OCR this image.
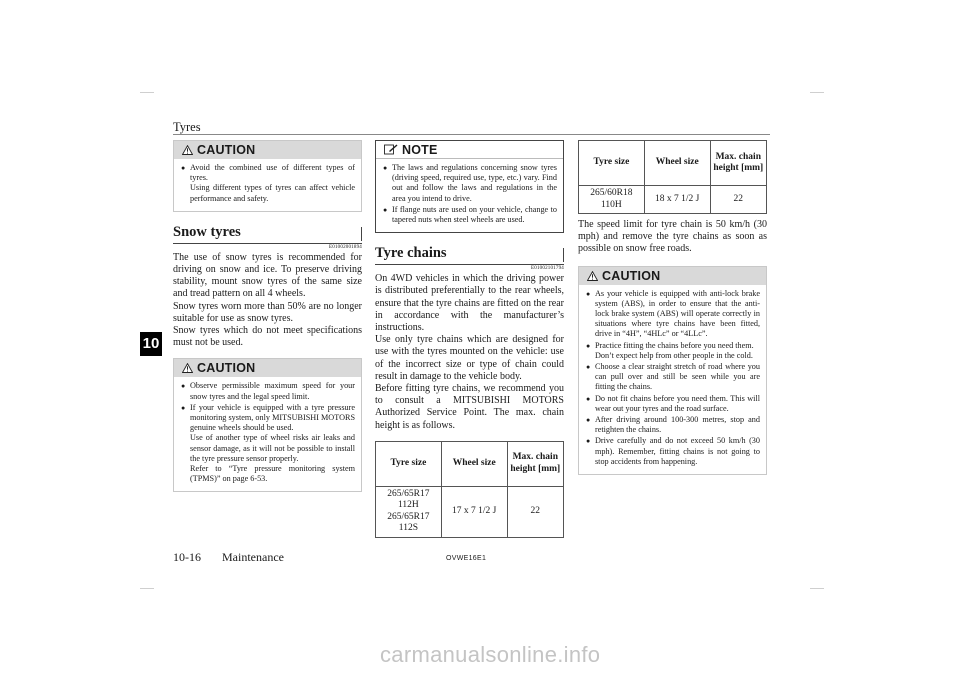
Tyres
10
CAUTION
● Avoid the combined use of different types of tyres.
Using different types of tyres can affect vehicle performance and safety.
Snow tyres
E01002001894
The use of snow tyres is recommended for driving on snow and ice. To preserve driving stability, mount snow tyres of the same size and tread pattern on all 4 wheels.
Snow tyres worn more than 50% are no longer suitable for use as snow tyres.
Snow tyres which do not meet specifications must not be used.
CAUTION
● Observe permissible maximum speed for your snow tyres and the legal speed limit.
● If your vehicle is equipped with a tyre pressure monitoring system, only MITSUBISHI MOTORS genuine wheels should be used.
Use of another type of wheel risks air leaks and sensor damage, as it will not be possible to install the tyre pressure sensor properly.
Refer to “Tyre pressure monitoring system (TPMS)” on page 6-53.
NOTE
● The laws and regulations concerning snow tyres (driving speed, required use, type, etc.) vary. Find out and follow the laws and regulations in the area you intend to drive.
● If flange nuts are used on your vehicle, change to tapered nuts when steel wheels are used.
Tyre chains
E01002101794
On 4WD vehicles in which the driving power is distributed preferentially to the rear wheels, ensure that the tyre chains are fitted on the rear in accordance with the manufacturer’s instructions.
Use only tyre chains which are designed for use with the tyres mounted on the vehicle: use of the incorrect size or type of chain could result in damage to the vehicle body.
Before fitting tyre chains, we recommend you to consult a MITSUBISHI MOTORS Authorized Service Point. The max. chain height is as follows.
Tyre size	Wheel size	Max. chain height [mm]

265/65R17
112H
265/65R17
112S	17 x 7 1/2 J	22
Tyre size	Wheel size	Max. chain height [mm]

265/60R18
110H	18 x 7 1/2 J	22
The speed limit for tyre chain is 50 km/h (30 mph) and remove the tyre chains as soon as possible on snow free roads.
CAUTION
● As your vehicle is equipped with anti-lock brake system (ABS), in order to ensure that the anti-lock brake system (ABS) will operate correctly in situations where tyre chains have been fitted, drive in “4H”, “4HLc” or “4LLc”.
● Practice fitting the chains before you need them.
Don’t expect help from other people in the cold.
● Choose a clear straight stretch of road where you can pull over and still be seen while you are fitting the chains.
● Do not fit chains before you need them. This will wear out your tyres and the road surface.
● After driving around 100-300 metres, stop and retighten the chains.
● Drive carefully and do not exceed 50 km/h (30 mph). Remember, fitting chains is not going to stop accidents from happening.
10-16 Maintenance	OVWE16E1
carmanualsonline.info
